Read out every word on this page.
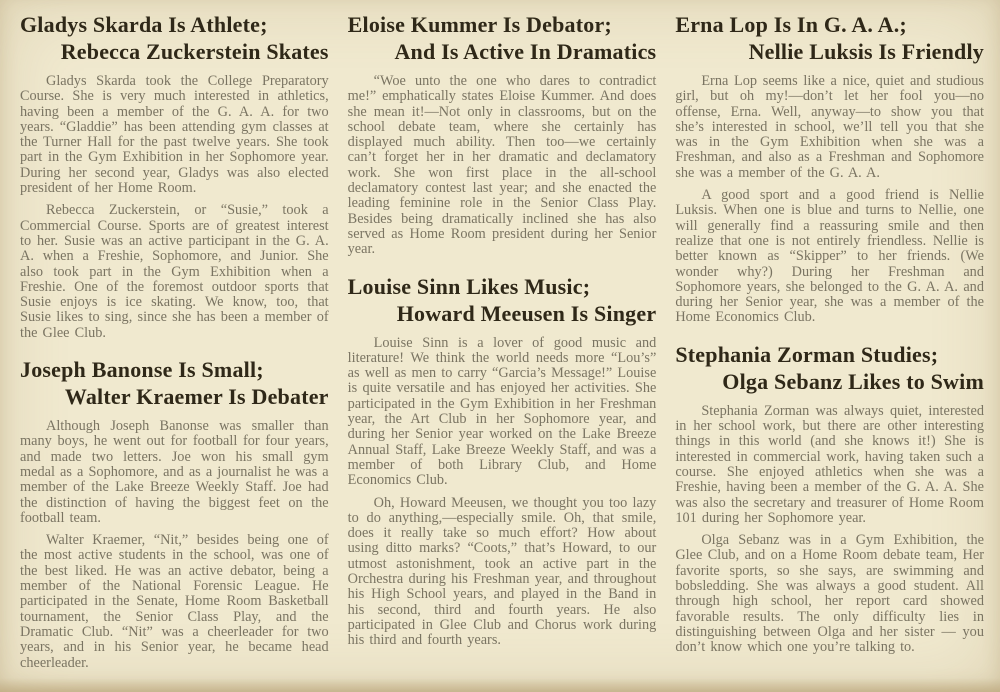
Gladys Skarda Is Athlete;
Rebecca Zuckerstein Skates

Gladys Skarda took the College Preparatory Course. She is very much interested in athletics, having been a member of the G. A. A. for two years. “Gladdie” has been attending gym classes at the Turner Hall for the past twelve years. She took part in the Gym Exhibition in her Sophomore year. During her second year, Gladys was also elected president of her Home Room.

Rebecca Zuckerstein, or “Susie,” took a Commercial Course. Sports are of greatest interest to her. Susie was an active participant in the G. A. A. when a Freshie, Sophomore, and Junior. She also took part in the Gym Exhibition when a Freshie. One of the foremost outdoor sports that Susie enjoys is ice skating. We know, too, that Susie likes to sing, since she has been a member of the Glee Club.

Joseph Banonse Is Small;
Walter Kraemer Is Debater

Although Joseph Banonse was smaller than many boys, he went out for football for four years, and made two letters. Joe won his small gym medal as a Sophomore, and as a journalist he was a member of the Lake Breeze Weekly Staff. Joe had the distinction of having the biggest feet on the football team.

Walter Kraemer, “Nit,” besides being one of the most active students in the school, was one of the best liked. He was an active debator, being a member of the National Forensic League. He participated in the Senate, Home Room Basketball tournament, the Senior Class Play, and the Dramatic Club. “Nit” was a cheerleader for two years, and in his Senior year, he became head cheerleader.

Eloise Kummer Is Debator;
And Is Active In Dramatics

“Woe unto the one who dares to contradict me!” emphatically states Eloise Kummer. And does she mean it!—Not only in classrooms, but on the school debate team, where she certainly has displayed much ability. Then too—we certainly can’t forget her in her dramatic and declamatory work. She won first place in the all-school declamatory contest last year; and she enacted the leading feminine role in the Senior Class Play. Besides being dramatically inclined she has also served as Home Room president during her Senior year.

Louise Sinn Likes Music;
Howard Meeusen Is Singer

Louise Sinn is a lover of good music and literature! We think the world needs more “Lou’s” as well as men to carry “Garcia’s Message!” Louise is quite versatile and has enjoyed her activities. She participated in the Gym Exhibition in her Freshman year, the Art Club in her Sophomore year, and during her Senior year worked on the Lake Breeze Annual Staff, Lake Breeze Weekly Staff, and was a member of both Library Club, and Home Economics Club.

Oh, Howard Meeusen, we thought you too lazy to do anything,—especially smile. Oh, that smile, does it really take so much effort? How about using ditto marks? “Coots,” that’s Howard, to our utmost astonishment, took an active part in the Orchestra during his Freshman year, and throughout his High School years, and played in the Band in his second, third and fourth years. He also participated in Glee Club and Chorus work during his third and fourth years.

Erna Lop Is In G. A. A.;
Nellie Luksis Is Friendly

Erna Lop seems like a nice, quiet and studious girl, but oh my!—don’t let her fool you—no offense, Erna. Well, anyway—to show you that she’s interested in school, we’ll tell you that she was in the Gym Exhibition when she was a Freshman, and also as a Freshman and Sophomore she was a member of the G. A. A.

A good sport and a good friend is Nellie Luksis. When one is blue and turns to Nellie, one will generally find a reassuring smile and then realize that one is not entirely friendless. Nellie is better known as “Skipper” to her friends. (We wonder why?) During her Freshman and Sophomore years, she belonged to the G. A. A. and during her Senior year, she was a member of the Home Economics Club.

Stephania Zorman Studies;
Olga Sebanz Likes to Swim

Stephania Zorman was always quiet, interested in her school work, but there are other interesting things in this world (and she knows it!) She is interested in commercial work, having taken such a course. She enjoyed athletics when she was a Freshie, having been a member of the G. A. A. She was also the secretary and treasurer of Home Room 101 during her Sophomore year.

Olga Sebanz was in a Gym Exhibition, the Glee Club, and on a Home Room debate team, Her favorite sports, so she says, are swimming and bobsledding. She was always a good student. All through high school, her report card showed favorable results. The only difficulty lies in distinguishing between Olga and her sister — you don’t know which one you’re talking to.
